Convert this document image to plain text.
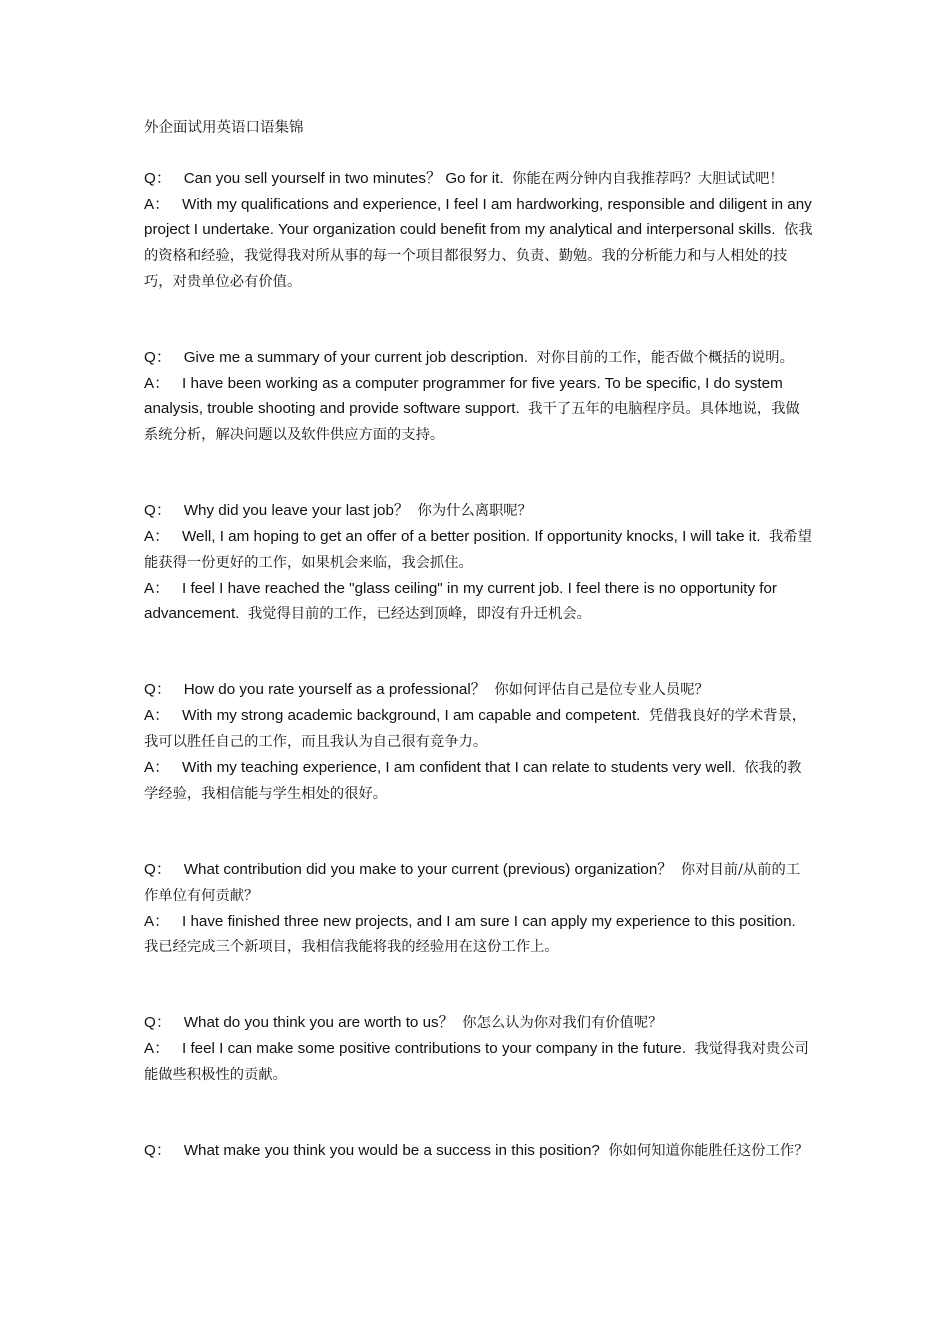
外企面试用英语口语集锦

Q： Can you sell yourself in two minutes？ Go for it. 你能在两分钟内自我推荐吗？大胆试试吧！

A： With my qualifications and experience, I feel I am hardworking, responsible and diligent in any project I undertake. Your organization could benefit from my analytical and interpersonal skills. 依我的资格和经验，我觉得我对所从事的每一个项目都很努力、负责、勤勉。我的分析能力和与人相处的技巧，对贵单位必有价值。

Q： Give me a summary of your current job description. 对你目前的工作，能否做个概括的说明。

A： I have been working as a computer programmer for five years. To be specific, I do system analysis, trouble shooting and provide software support. 我干了五年的电脑程序员。具体地说，我做系统分析，解决问题以及软件供应方面的支持。

Q： Why did you leave your last job？ 你为什么离职呢？

A： Well, I am hoping to get an offer of a better position. If opportunity knocks, I will take it. 我希望能获得一份更好的工作，如果机会来临，我会抓住。

A： I feel I have reached the "glass ceiling" in my current job. I feel there is no opportunity for advancement. 我觉得目前的工作，已经达到顶峰，即沒有升迁机会。

Q： How do you rate yourself as a professional？ 你如何评估自己是位专业人员呢？

A： With my strong academic background, I am capable and competent. 凭借我良好的学术背景，我可以胜任自己的工作，而且我认为自己很有竞争力。

A： With my teaching experience, I am confident that I can relate to students very well. 依我的教学经验，我相信能与学生相处的很好。

Q： What contribution did you make to your current (previous) organization？ 你对目前/从前的工作单位有何贡献？

A： I have finished three new projects, and I am sure I can apply my experience to this position.  我已经完成三个新项目，我相信我能将我的经验用在这份工作上。

Q： What do you think you are worth to us？ 你怎么认为你对我们有价值呢？

A： I feel I can make some positive contributions to your company in the future. 我觉得我对贵公司能做些积极性的贡献。

Q： What make you think you would be a success in this position? 你如何知道你能胜任这份工作？
